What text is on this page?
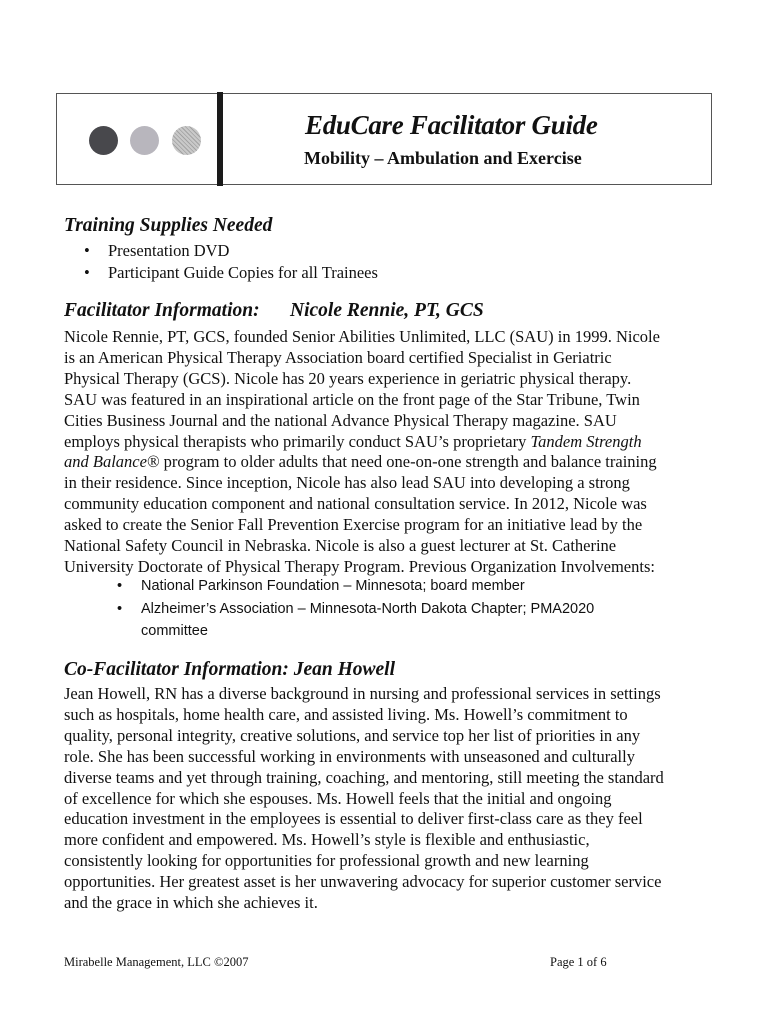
EduCare Facilitator Guide
Mobility – Ambulation and Exercise
Training Supplies Needed
• Presentation DVD
• Participant Guide Copies for all Trainees
Facilitator Information: Nicole Rennie, PT, GCS
Nicole Rennie, PT, GCS, founded Senior Abilities Unlimited, LLC (SAU) in 1999. Nicole
is an American Physical Therapy Association board certified Specialist in Geriatric
Physical Therapy (GCS). Nicole has 20 years experience in geriatric physical therapy.
SAU was featured in an inspirational article on the front page of the Star Tribune, Twin
Cities Business Journal and the national Advance Physical Therapy magazine. SAU
employs physical therapists who primarily conduct SAU’s proprietary Tandem Strength
and Balance® program to older adults that need one-on-one strength and balance training
in their residence. Since inception, Nicole has also lead SAU into developing a strong
community education component and national consultation service. In 2012, Nicole was
asked to create the Senior Fall Prevention Exercise program for an initiative lead by the
National Safety Council in Nebraska. Nicole is also a guest lecturer at St. Catherine
University Doctorate of Physical Therapy Program. Previous Organization Involvements:
• National Parkinson Foundation – Minnesota; board member
• Alzheimer’s Association – Minnesota-North Dakota Chapter; PMA2020
committee
Co-Facilitator Information: Jean Howell
Jean Howell, RN has a diverse background in nursing and professional services in settings
such as hospitals, home health care, and assisted living. Ms. Howell’s commitment to
quality, personal integrity, creative solutions, and service top her list of priorities in any
role. She has been successful working in environments with unseasoned and culturally
diverse teams and yet through training, coaching, and mentoring, still meeting the standard
of excellence for which she espouses. Ms. Howell feels that the initial and ongoing
education investment in the employees is essential to deliver first-class care as they feel
more confident and empowered. Ms. Howell’s style is flexible and enthusiastic,
consistently looking for opportunities for professional growth and new learning
opportunities. Her greatest asset is her unwavering advocacy for superior customer service
and the grace in which she achieves it.
Mirabelle Management, LLC ©2007	Page 1 of 6
